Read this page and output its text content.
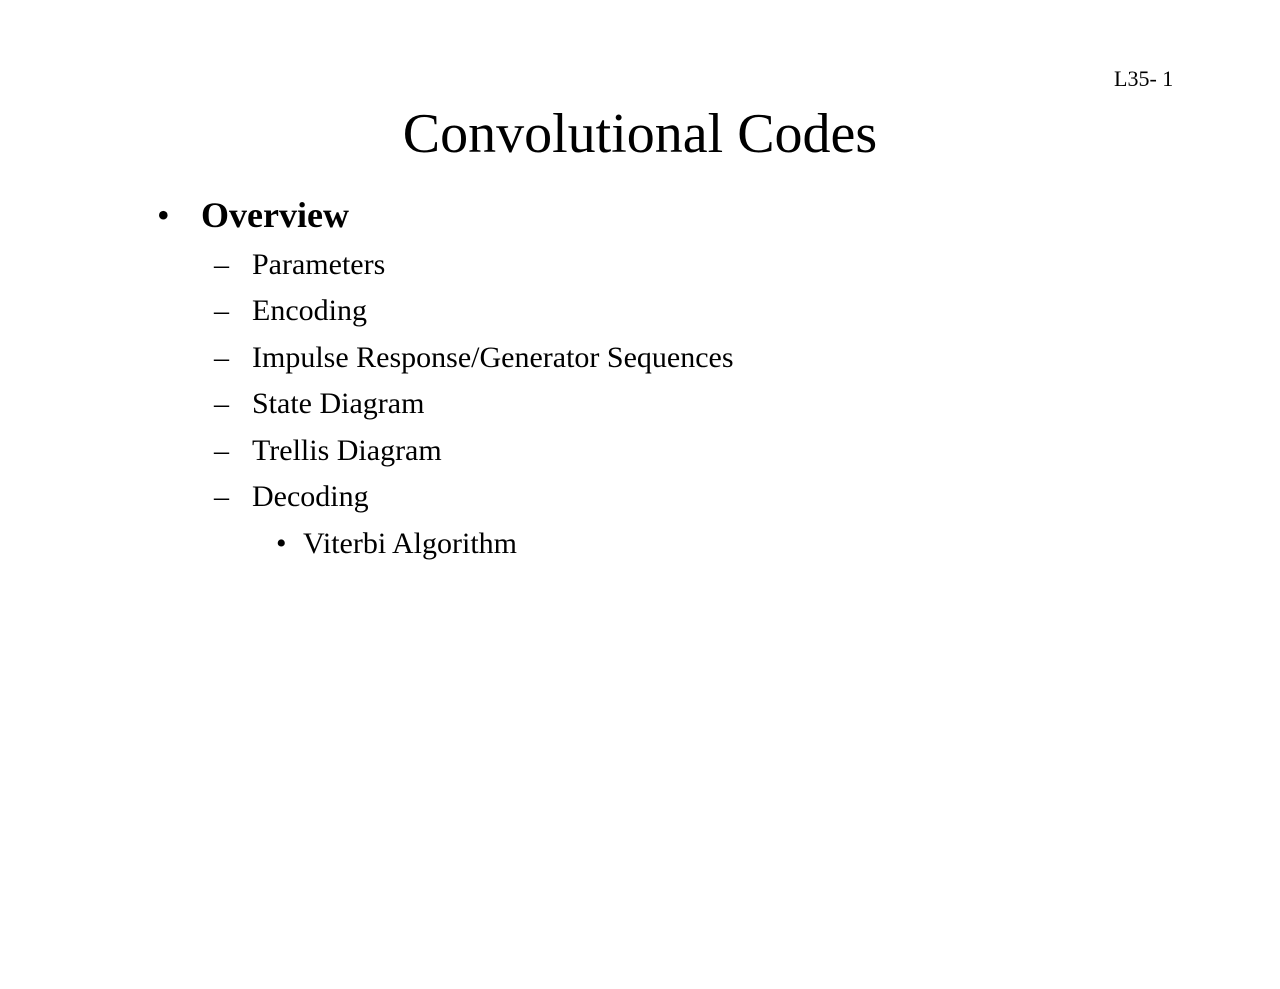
L35- 1
Convolutional Codes
• Overview
– Parameters
– Encoding
– Impulse Response/Generator Sequences
– State Diagram
– Trellis Diagram
– Decoding
• Viterbi Algorithm
